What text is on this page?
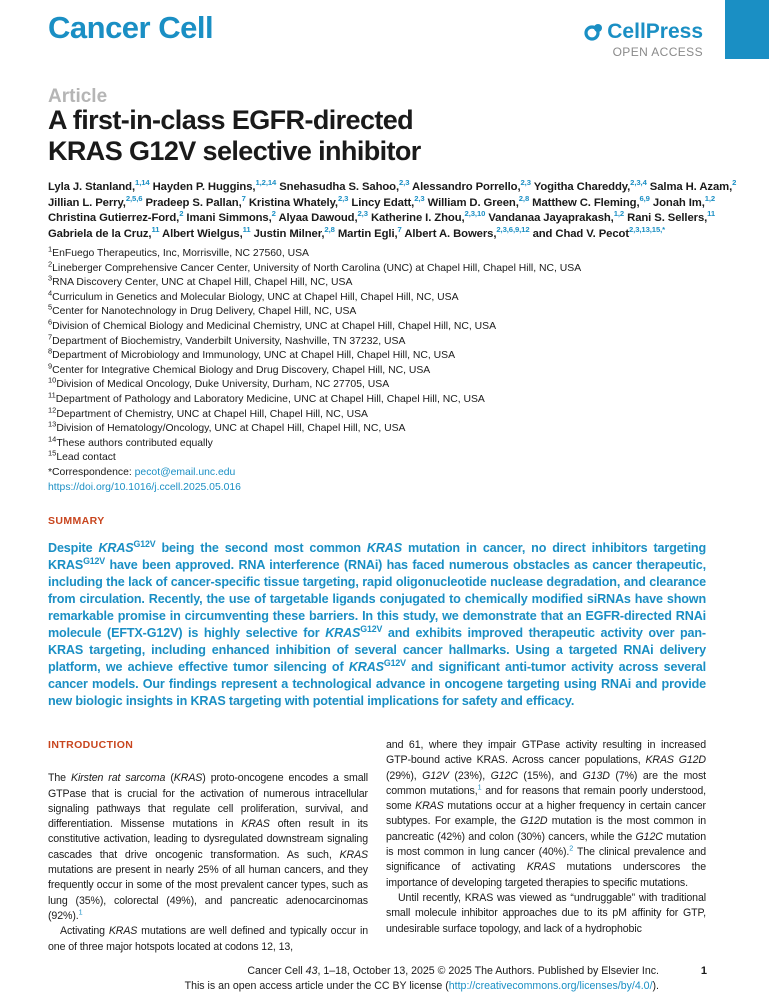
Cancer Cell	CellPress
OPEN ACCESS
Article
A first-in-class EGFR-directed
KRAS G12V selective inhibitor
Lyla J. Stanland,$^{1,14}$ Hayden P. Huggins,$^{1,2,14}$ Snehasudha S. Sahoo,$^{2,3}$ Alessandro Porrello,$^{2,3}$ Yogitha Chareddy,$^{2,3,4}$ Salma H. Azam,$^2$ Jillian L. Perry,$^{2,5,6}$ Pradeep S. Pallan,$^7$ Kristina Whately,$^{2,3}$ Lincy Edatt,$^{2,3}$ William D. Green,$^{2,8}$ Matthew C. Fleming,$^{6,9}$ Jonah Im,$^{1,2}$ Christina Gutierrez-Ford,$^2$ Imani Simmons,$^2$ Alyaa Dawoud,$^{2,3}$ Katherine I. Zhou,$^{2,3,10}$ Vandanaa Jayaprakash,$^{1,2}$ Rani S. Sellers,$^{11}$ Gabriela de la Cruz,$^{11}$ Albert Wielgus,$^{11}$ Justin Milner,$^{2,8}$ Martin Egli,$^7$ Albert A. Bowers,$^{2,3,6,9,12}$ and Chad V. Pecot$^{2,3,13,15,*}$
$^1$EnFuego Therapeutics, Inc, Morrisville, NC 27560, USA
$^2$Lineberger Comprehensive Cancer Center, University of North Carolina (UNC) at Chapel Hill, Chapel Hill, NC, USA
$^3$RNA Discovery Center, UNC at Chapel Hill, Chapel Hill, NC, USA
$^4$Curriculum in Genetics and Molecular Biology, UNC at Chapel Hill, Chapel Hill, NC, USA
$^5$Center for Nanotechnology in Drug Delivery, Chapel Hill, NC, USA
$^6$Division of Chemical Biology and Medicinal Chemistry, UNC at Chapel Hill, Chapel Hill, NC, USA
$^7$Department of Biochemistry, Vanderbilt University, Nashville, TN 37232, USA
$^8$Department of Microbiology and Immunology, UNC at Chapel Hill, Chapel Hill, NC, USA
$^9$Center for Integrative Chemical Biology and Drug Discovery, Chapel Hill, NC, USA
$^{10}$Division of Medical Oncology, Duke University, Durham, NC 27705, USA
$^{11}$Department of Pathology and Laboratory Medicine, UNC at Chapel Hill, Chapel Hill, NC, USA
$^{12}$Department of Chemistry, UNC at Chapel Hill, Chapel Hill, NC, USA
$^{13}$Division of Hematology/Oncology, UNC at Chapel Hill, Chapel Hill, NC, USA
$^{14}$These authors contributed equally
$^{15}$Lead contact
*Correspondence: pecot@email.unc.edu
https://doi.org/10.1016/j.ccell.2025.05.016
SUMMARY
Despite $KRAS^{G12V}$ being the second most common KRAS mutation in cancer, no direct inhibitors targeting $KRAS^{G12V}$ have been approved. RNA interference (RNAi) has faced numerous obstacles as cancer therapeutic, including the lack of cancer-specific tissue targeting, rapid oligonucleotide nuclease degradation, and clearance from circulation. Recently, the use of targetable ligands conjugated to chemically modified siRNAs have shown remarkable promise in circumventing these barriers. In this study, we demonstrate that an EGFR-directed RNAi molecule (EFTX-G12V) is highly selective for $KRAS^{G12V}$ and exhibits improved therapeutic activity over pan-KRAS targeting, including enhanced inhibition of several cancer hallmarks. Using a targeted RNAi delivery platform, we achieve effective tumor silencing of $KRAS^{G12V}$ and significant anti-tumor activity across several cancer models. Our findings represent a technological advance in oncogene targeting using RNAi and provide new biologic insights in KRAS targeting with potential implications for safety and efficacy.
INTRODUCTION

The Kirsten rat sarcoma (KRAS) proto-oncogene encodes a small GTPase that is crucial for the activation of numerous intracellular signaling pathways that regulate cell proliferation, survival, and differentiation. Missense mutations in KRAS often result in its constitutive activation, leading to dysregulated downstream signaling cascades that drive oncogenic transformation. As such, KRAS mutations are present in nearly 25% of all human cancers, and they frequently occur in some of the most prevalent cancer types, such as lung (35%), colorectal (49%), and pancreatic adenocarcinomas (92%).$^1$

Activating KRAS mutations are well defined and typically occur in one of three major hotspots located at codons 12, 13,

and 61, where they impair GTPase activity resulting in increased GTP-bound active KRAS. Across cancer populations, KRAS G12D (29%), G12V (23%), G12C (15%), and G13D (7%) are the most common mutations,$^1$ and for reasons that remain poorly understood, some KRAS mutations occur at a higher frequency in certain cancer subtypes. For example, the G12D mutation is the most common in pancreatic (42%) and colon (30%) cancers, while the G12C mutation is most common in lung cancer (40%).$^2$ The clinical prevalence and significance of activating KRAS mutations underscores the importance of developing targeted therapies to specific mutations.

Until recently, KRAS was viewed as “undruggable” with traditional small molecule inhibitor approaches due to its pM affinity for GTP, undesirable surface topology, and lack of a hydrophobic

Cancer Cell 43, 1–18, October 13, 2025 © 2025 The Authors. Published by Elsevier Inc.
This is an open access article under the CC BY license (http://creativecommons.org/licenses/by/4.0/).
1
